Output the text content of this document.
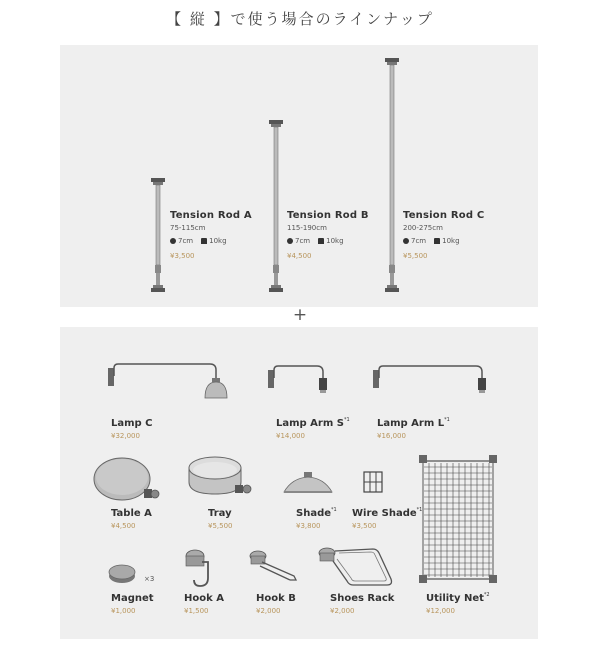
【 縦 】で使う場合のラインナップ
Tension Rod A
75-115cm
7cm 10kg
¥3,500
Tension Rod B
115-190cm
7cm 10kg
¥4,500
Tension Rod C
200-275cm
7cm 10kg
¥5,500
+
Lamp C
¥32,000
Lamp Arm $S^{*1}$
¥14,000
Lamp Arm $L^{*1}$
¥16,000
Table A
¥4,500
Tray
¥5,500
Shade$^{*1}$
¥3,800
Wire Shade$^{*1}$
¥3,500
Utility Net$^{*2}$
¥12,000
×3
Magnet
¥1,000
Hook A
¥1,500
Hook B
¥2,000
Shoes Rack
¥2,000
